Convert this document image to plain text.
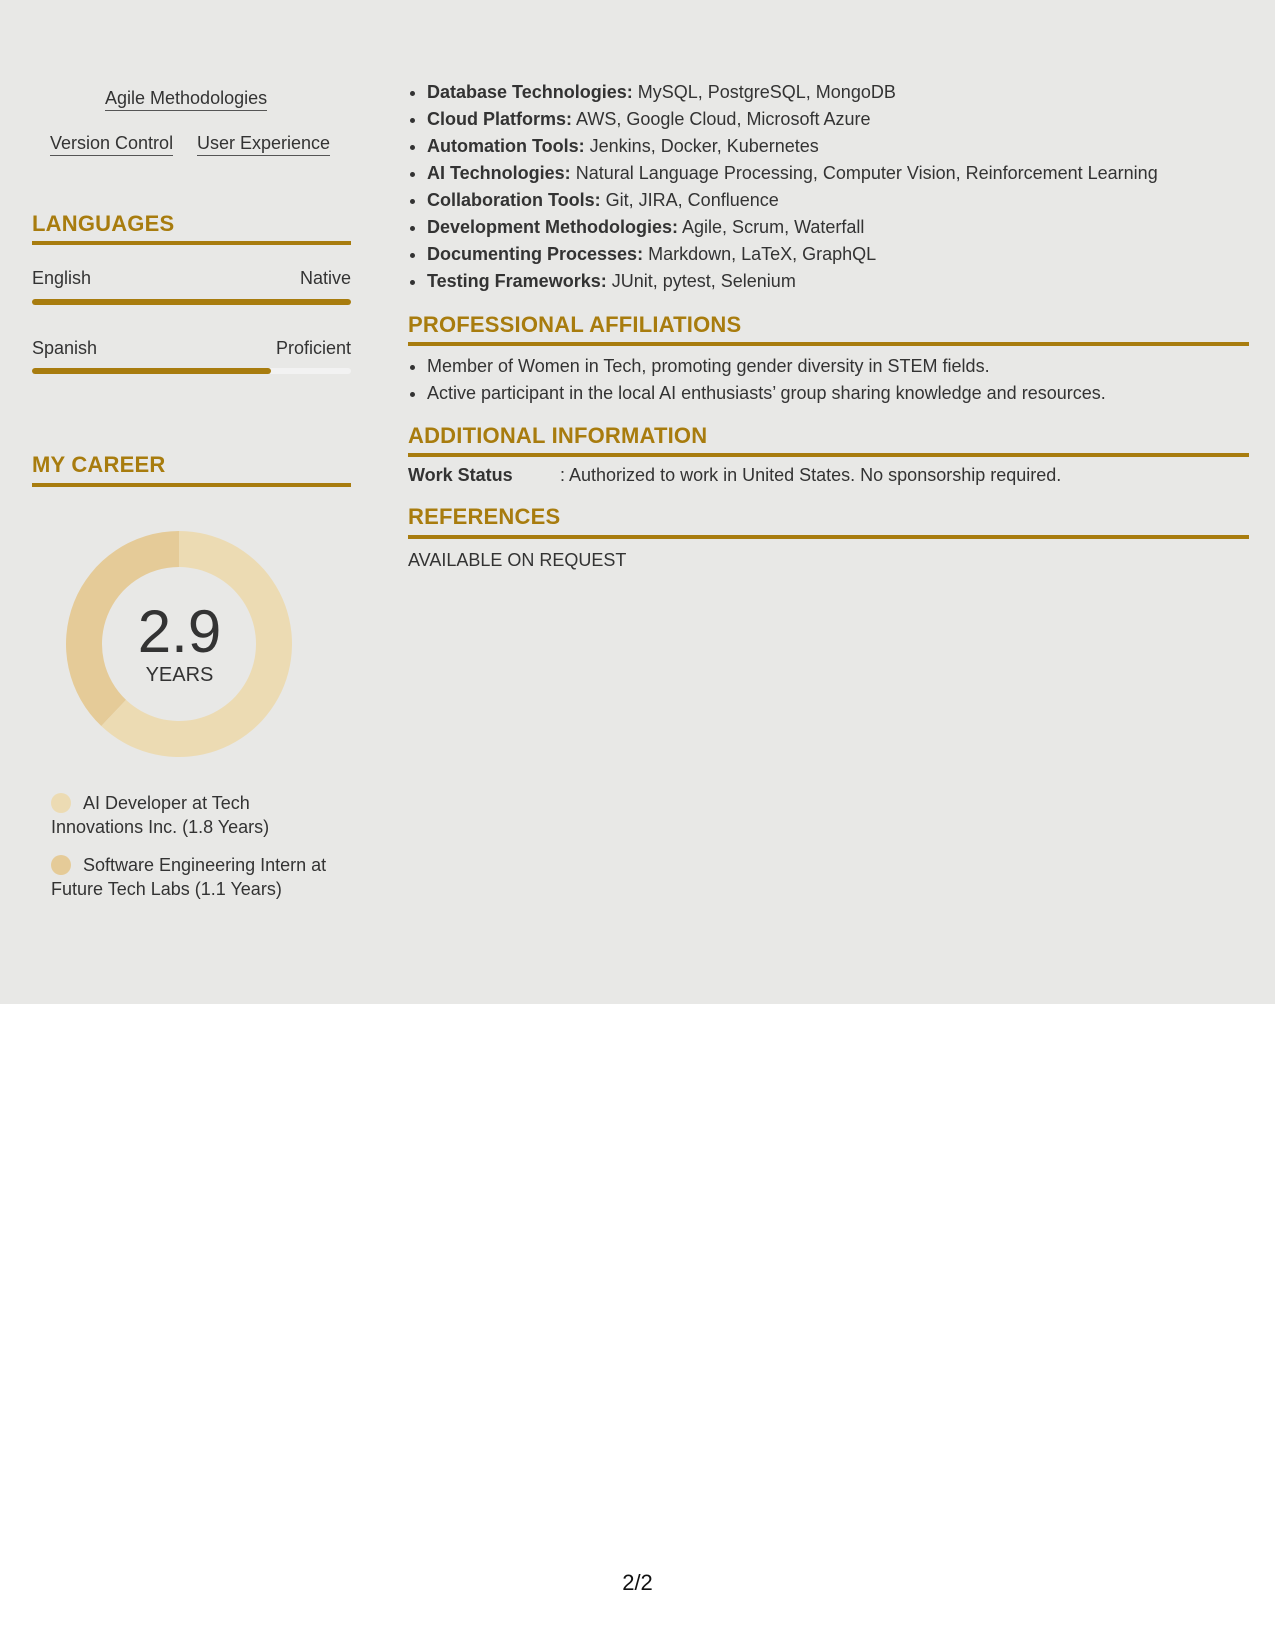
Agile Methodologies
Version Control User Experience
LANGUAGES
English	Native
Spanish	Proficient
MY CAREER
2.9
YEARS
AI Developer at Tech Innovations Inc. (1.8 Years)
Software Engineering Intern at Future Tech Labs (1.1 Years)
• Database Technologies: MySQL, PostgreSQL, MongoDB
• Cloud Platforms: AWS, Google Cloud, Microsoft Azure
• Automation Tools: Jenkins, Docker, Kubernetes
• AI Technologies: Natural Language Processing, Computer Vision, Reinforcement Learning
• Collaboration Tools: Git, JIRA, Confluence
• Development Methodologies: Agile, Scrum, Waterfall
• Documenting Processes: Markdown, LaTeX, GraphQL
• Testing Frameworks: JUnit, pytest, Selenium
PROFESSIONAL AFFILIATIONS
• Member of Women in Tech, promoting gender diversity in STEM fields.
• Active participant in the local AI enthusiasts’ group sharing knowledge and resources.
ADDITIONAL INFORMATION
Work Status	: Authorized to work in United States. No sponsorship required.
REFERENCES
AVAILABLE ON REQUEST
2/2
